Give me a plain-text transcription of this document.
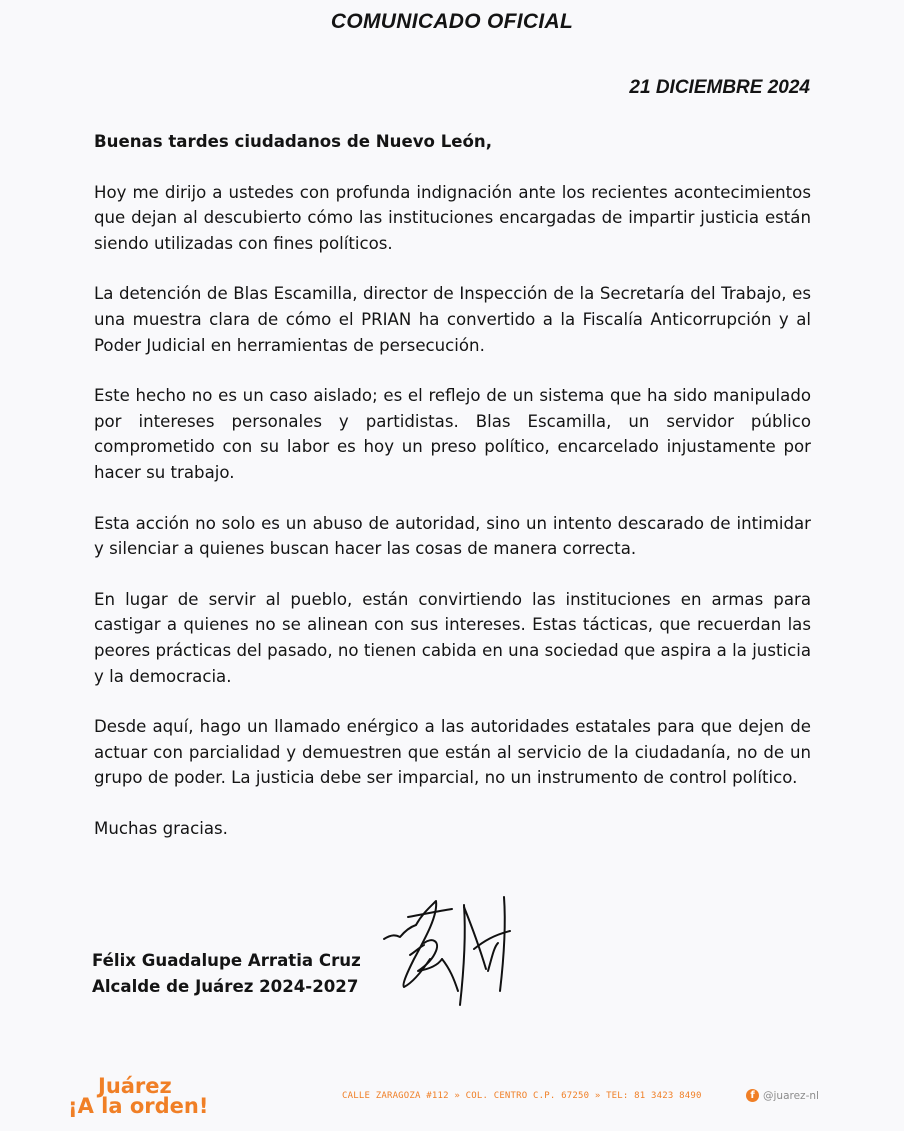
COMUNICADO OFICIAL
21 DICIEMBRE 2024

Buenas tardes ciudadanos de Nuevo León,

Hoy me dirijo a ustedes con profunda indignación ante los recientes acontecimientos que dejan al descubierto cómo las instituciones encargadas de impartir justicia están siendo utilizadas con fines políticos.

La detención de Blas Escamilla, director de Inspección de la Secretaría del Trabajo, es una muestra clara de cómo el PRIAN ha convertido a la Fiscalía Anticorrupción y al Poder Judicial en herramientas de persecución.

Este hecho no es un caso aislado; es el reflejo de un sistema que ha sido manipulado por intereses personales y partidistas. Blas Escamilla, un servidor público comprometido con su labor es hoy un preso político, encarcelado injustamente por hacer su trabajo.

Esta acción no solo es un abuso de autoridad, sino un intento descarado de intimidar y silenciar a quienes buscan hacer las cosas de manera correcta.

En lugar de servir al pueblo, están convirtiendo las instituciones en armas para castigar a quienes no se alinean con sus intereses. Estas tácticas, que recuerdan las peores prácticas del pasado, no tienen cabida en una sociedad que aspira a la justicia y la democracia.

Desde aquí, hago un llamado enérgico a las autoridades estatales para que dejen de actuar con parcialidad y demuestren que están al servicio de la ciudadanía, no de un grupo de poder. La justicia debe ser imparcial, no un instrumento de control político.

Muchas gracias.

Félix Guadalupe Arratia Cruz
Alcalde de Juárez 2024-2027
Juárez
¡A la orden!	CALLE ZARAGOZA #112 » COL. CENTRO C.P. 67250 » TEL: 81 3423 8490	f @juarez-nl
